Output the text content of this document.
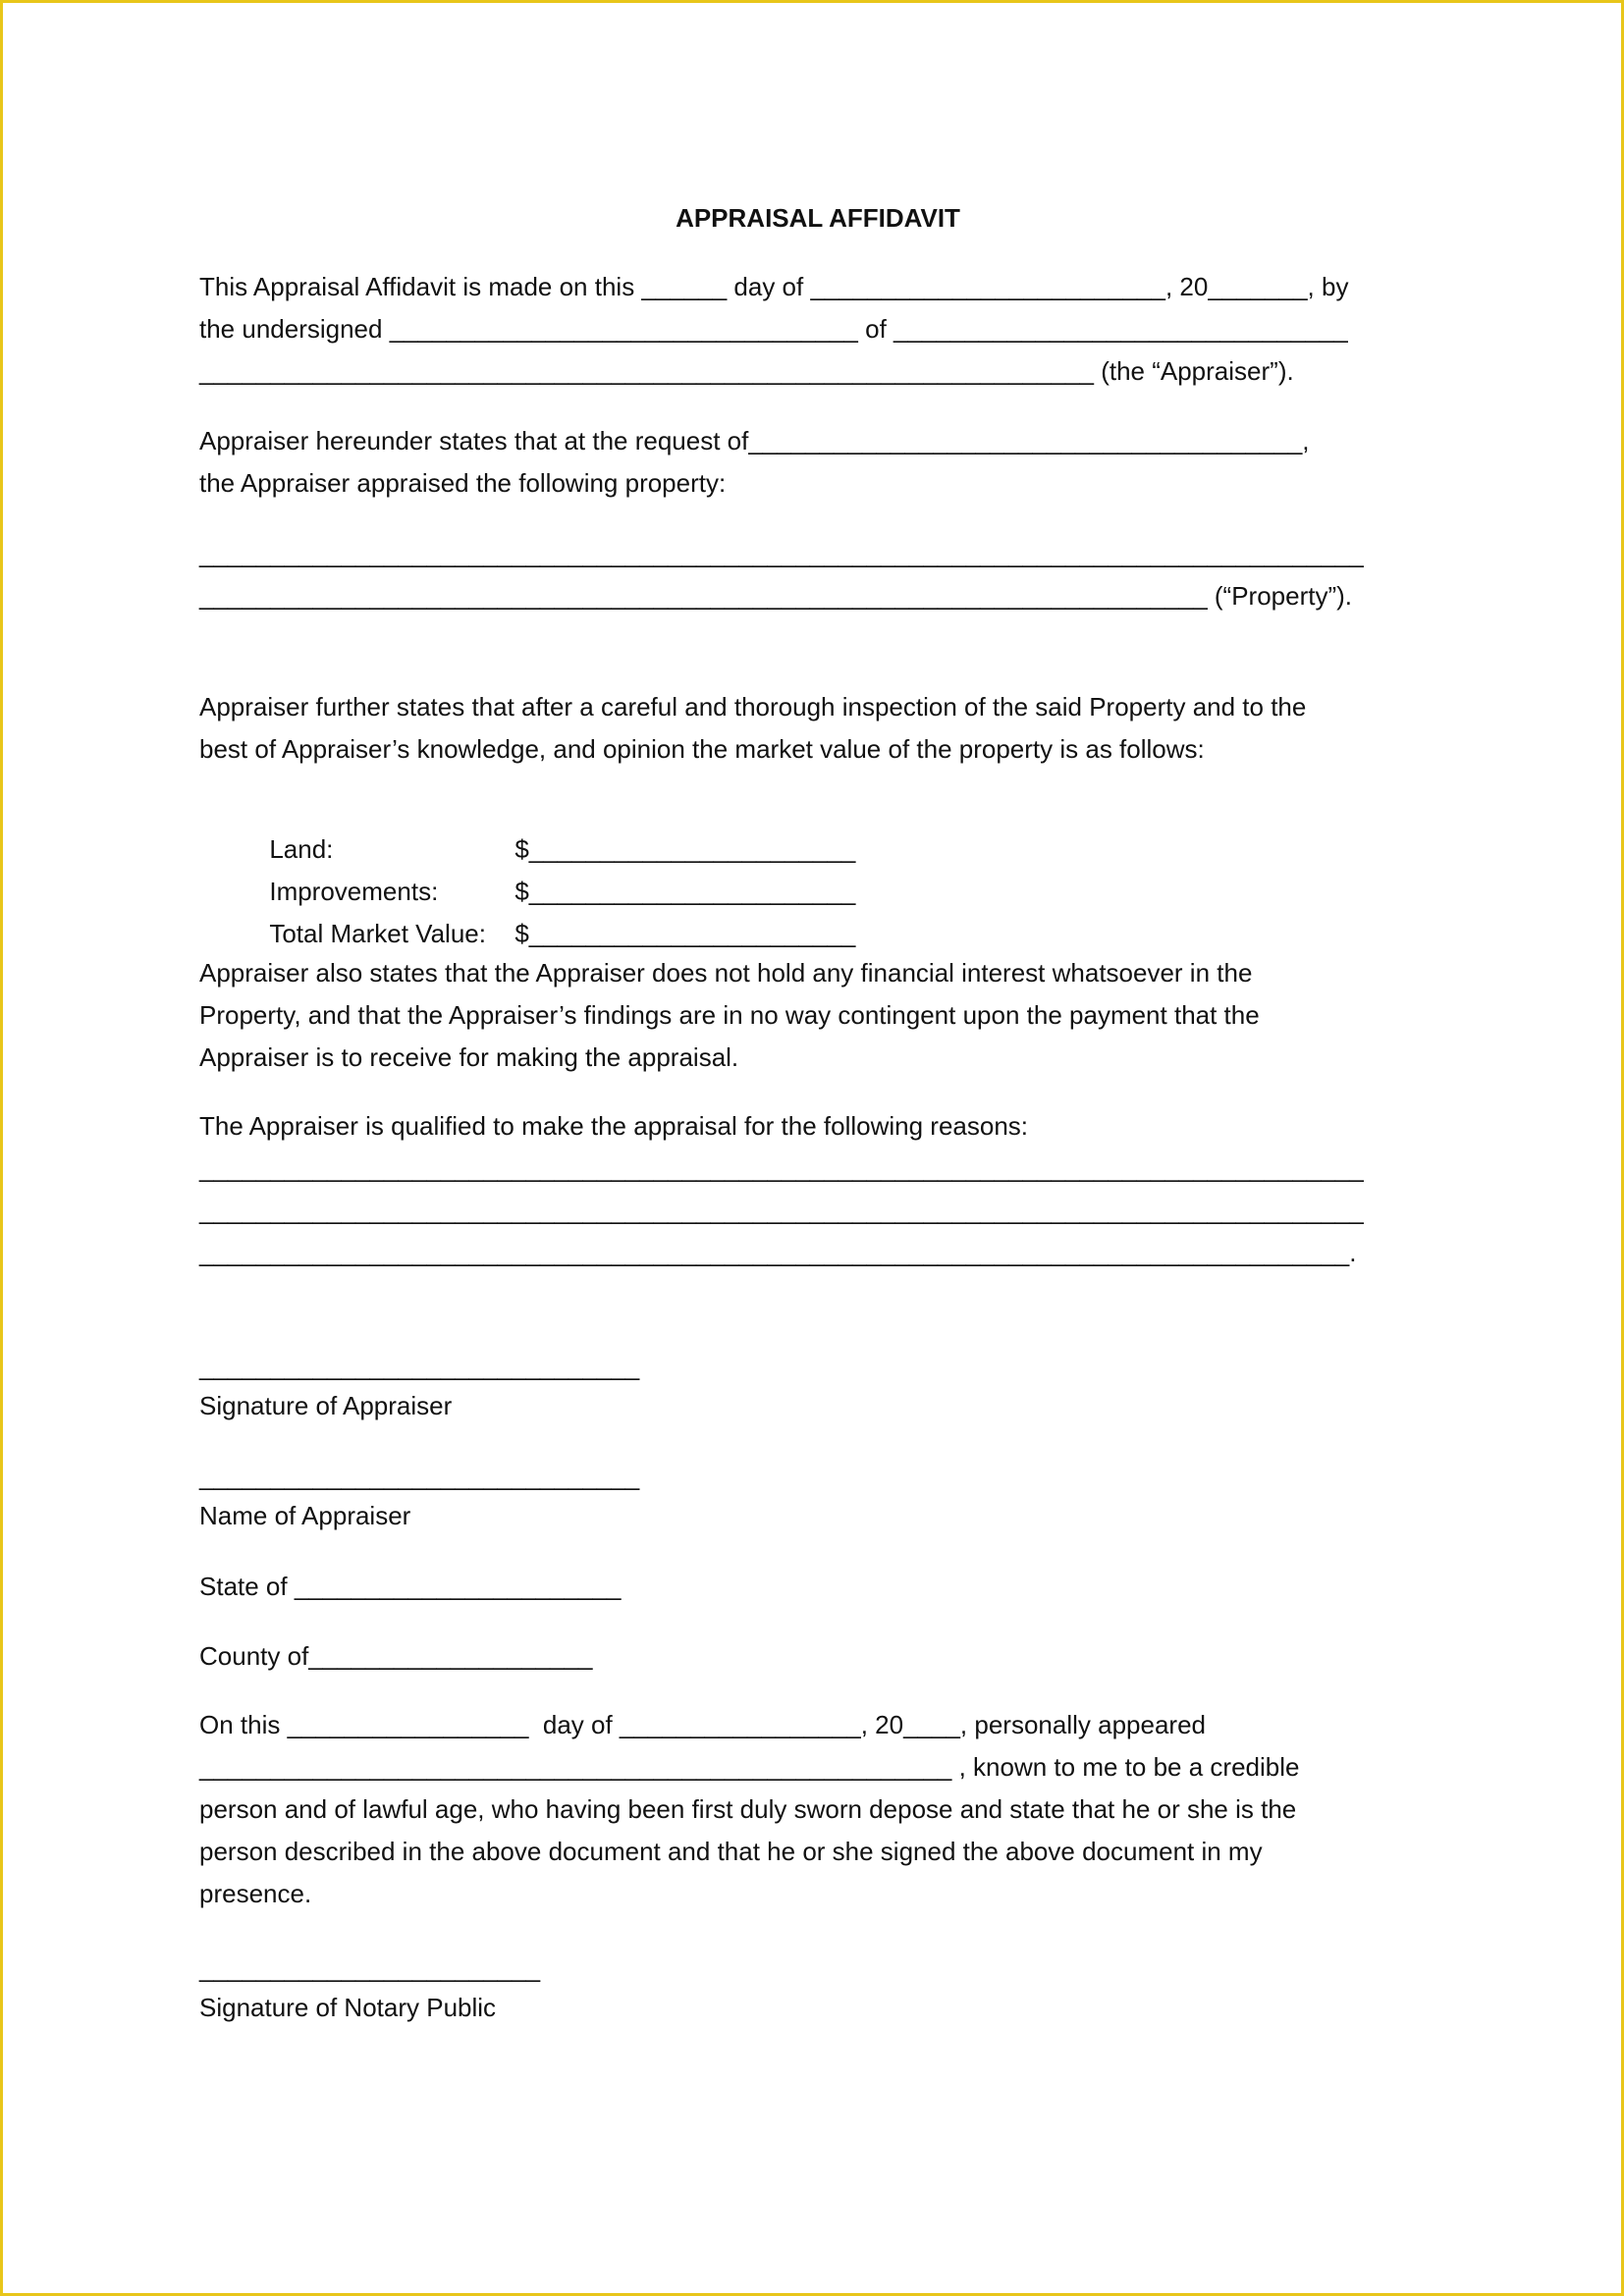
APPRAISAL AFFIDAVIT
This Appraisal Affidavit is made on this ______ day of _________________________, 20_______, by
the undersigned _________________________________ of ________________________________
_______________________________________________________________ (the “Appraiser”).
Appraiser hereunder states that at the request of_______________________________________,
the Appraiser appraised the following property:
__________________________________________________________________________________
_______________________________________________________________________ (“Property”).
Appraiser further states that after a careful and thorough inspection of the said Property and to the
best of Appraiser’s knowledge, and opinion the market value of the property is as follows:

Land:	$_______________________

Improvements:	$_______________________

Total Market Value: $_______________________

Appraiser also states that the Appraiser does not hold any financial interest whatsoever in the
Property, and that the Appraiser’s findings are in no way contingent upon the payment that the
Appraiser is to receive for making the appraisal.
The Appraiser is qualified to make the appraisal for the following reasons:
__________________________________________________________________________________
__________________________________________________________________________________
_________________________________________________________________________________.
_______________________________
Signature of Appraiser
_______________________________
Name of Appraiser
State of _______________________
County of____________________
On this _________________  day of _________________, 20____, personally appeared
_____________________________________________________ , known to me to be a credible
person and of lawful age, who having been first duly sworn depose and state that he or she is the
person described in the above document and that he or she signed the above document in my
presence.
________________________
Signature of Notary Public
